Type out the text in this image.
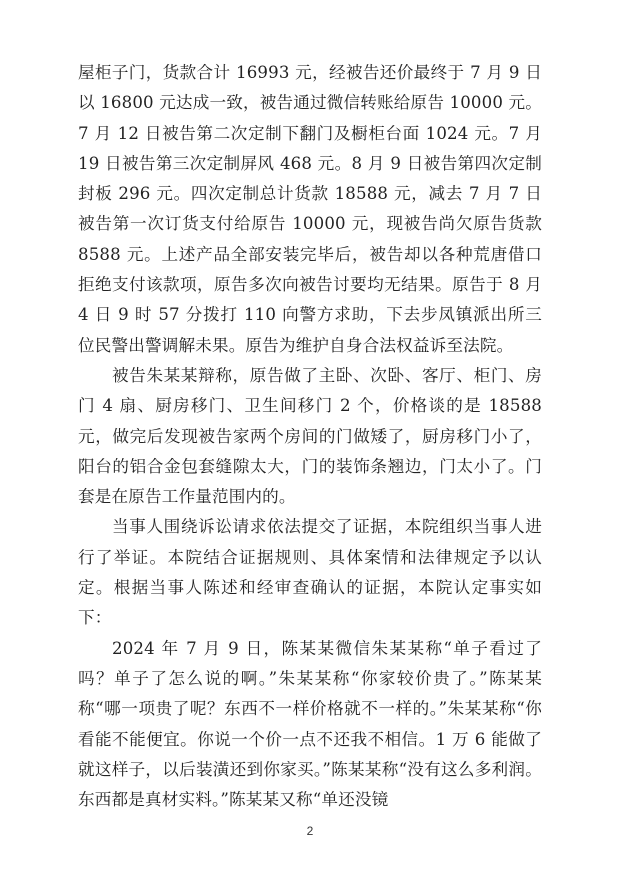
屋柜子门，货款合计 16993 元，经被告还价最终于 7 月 9 日以 16800 元达成一致，被告通过微信转账给原告 10000 元。7 月 12 日被告第二次定制下翻门及橱柜台面 1024 元。7 月 19 日被告第三次定制屏风 468 元。8 月 9 日被告第四次定制封板 296 元。四次定制总计货款 18588 元，减去 7 月 7 日被告第一次订货支付给原告 10000 元，现被告尚欠原告货款 8588 元。上述产品全部安装完毕后，被告却以各种荒唐借口拒绝支付该款项，原告多次向被告讨要均无结果。原告于 8 月 4 日 9 时 57 分拨打 110 向警方求助，下去步凤镇派出所三位民警出警调解未果。原告为维护自身合法权益诉至法院。

被告朱某某辩称，原告做了主卧、次卧、客厅、柜门、房门 4 扇、厨房移门、卫生间移门 2 个，价格谈的是 18588 元，做完后发现被告家两个房间的门做矮了，厨房移门小了，阳台的铝合金包套缝隙太大，门的装饰条翘边，门太小了。门套是在原告工作量范围内的。

当事人围绕诉讼请求依法提交了证据，本院组织当事人进行了举证。本院结合证据规则、具体案情和法律规定予以认定。根据当事人陈述和经审查确认的证据，本院认定事实如下：

2024 年 7 月 9 日，陈某某微信朱某某称“单子看过了吗？单子了怎么说的啊。”朱某某称“你家较价贵了。”陈某某称“哪一项贵了呢？东西不一样价格就不一样的。”朱某某称“你看能不能便宜。你说一个价一点不还我不相信。1 万 6 能做了就这样子，以后装潢还到你家买。”陈某某称“没有这么多利润。东西都是真材实料。”陈某某又称“单还没镜

2
